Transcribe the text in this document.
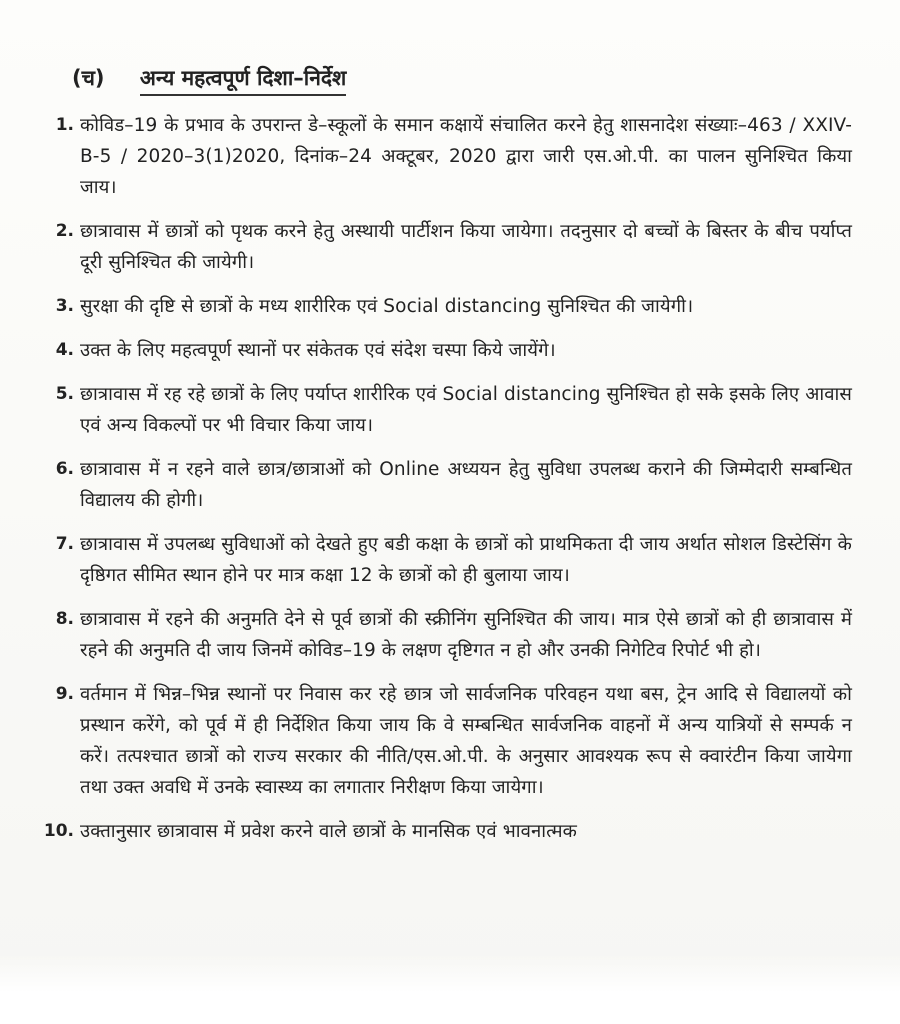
(च) अन्य महत्वपूर्ण दिशा–निर्देश
1. कोविड–19 के प्रभाव के उपरान्त डे–स्कूलों के समान कक्षायें संचालित करने हेतु शासनादेश संख्याः–463 / XXIV-B-5 / 2020–3(1)2020, दिनांक–24 अक्टूबर, 2020 द्वारा जारी एस.ओ.पी. का पालन सुनिश्चित किया जाय।
2. छात्रावास में छात्रों को पृथक करने हेतु अस्थायी पार्टीशन किया जायेगा। तदनुसार दो बच्चों के बिस्तर के बीच पर्याप्त दूरी सुनिश्चित की जायेगी।
3. सुरक्षा की दृष्टि से छात्रों के मध्य शारीरिक एवं Social distancing सुनिश्चित की जायेगी।
4. उक्त के लिए महत्वपूर्ण स्थानों पर संकेतक एवं संदेश चस्पा किये जायेंगे।
5. छात्रावास में रह रहे छात्रों के लिए पर्याप्त शारीरिक एवं Social distancing सुनिश्चित हो सके इसके लिए आवास एवं अन्य विकल्पों पर भी विचार किया जाय।
6. छात्रावास में न रहने वाले छात्र/छात्राओं को Online अध्ययन हेतु सुविधा उपलब्ध कराने की जिम्मेदारी सम्बन्धित विद्यालय की होगी।
7. छात्रावास में उपलब्ध सुविधाओं को देखते हुए बडी कक्षा के छात्रों को प्राथमिकता दी जाय अर्थात सोशल डिस्टेसिंग के दृष्ठिगत सीमित स्थान होने पर मात्र कक्षा 12 के छात्रों को ही बुलाया जाय।
8. छात्रावास में रहने की अनुमति देने से पूर्व छात्रों की स्क्रीनिंग सुनिश्चित की जाय। मात्र ऐसे छात्रों को ही छात्रावास में रहने की अनुमति दी जाय जिनमें कोविड–19 के लक्षण दृष्टिगत न हो और उनकी निगेटिव रिपोर्ट भी हो।
9. वर्तमान में भिन्न–भिन्न स्थानों पर निवास कर रहे छात्र जो सार्वजनिक परिवहन यथा बस, ट्रेन आदि से विद्यालयों को प्रस्थान करेंगे, को पूर्व में ही निर्देशित किया जाय कि वे सम्बन्धित सार्वजनिक वाहनों में अन्य यात्रियों से सम्पर्क न करें। तत्पश्चात छात्रों को राज्य सरकार की नीति/एस.ओ.पी. के अनुसार आवश्यक रूप से क्वारंटीन किया जायेगा तथा उक्त अवधि में उनके स्वास्थ्य का लगातार निरीक्षण किया जायेगा।
10. उक्तानुसार छात्रावास में प्रवेश करने वाले छात्रों के मानसिक एवं भावनात्मक
